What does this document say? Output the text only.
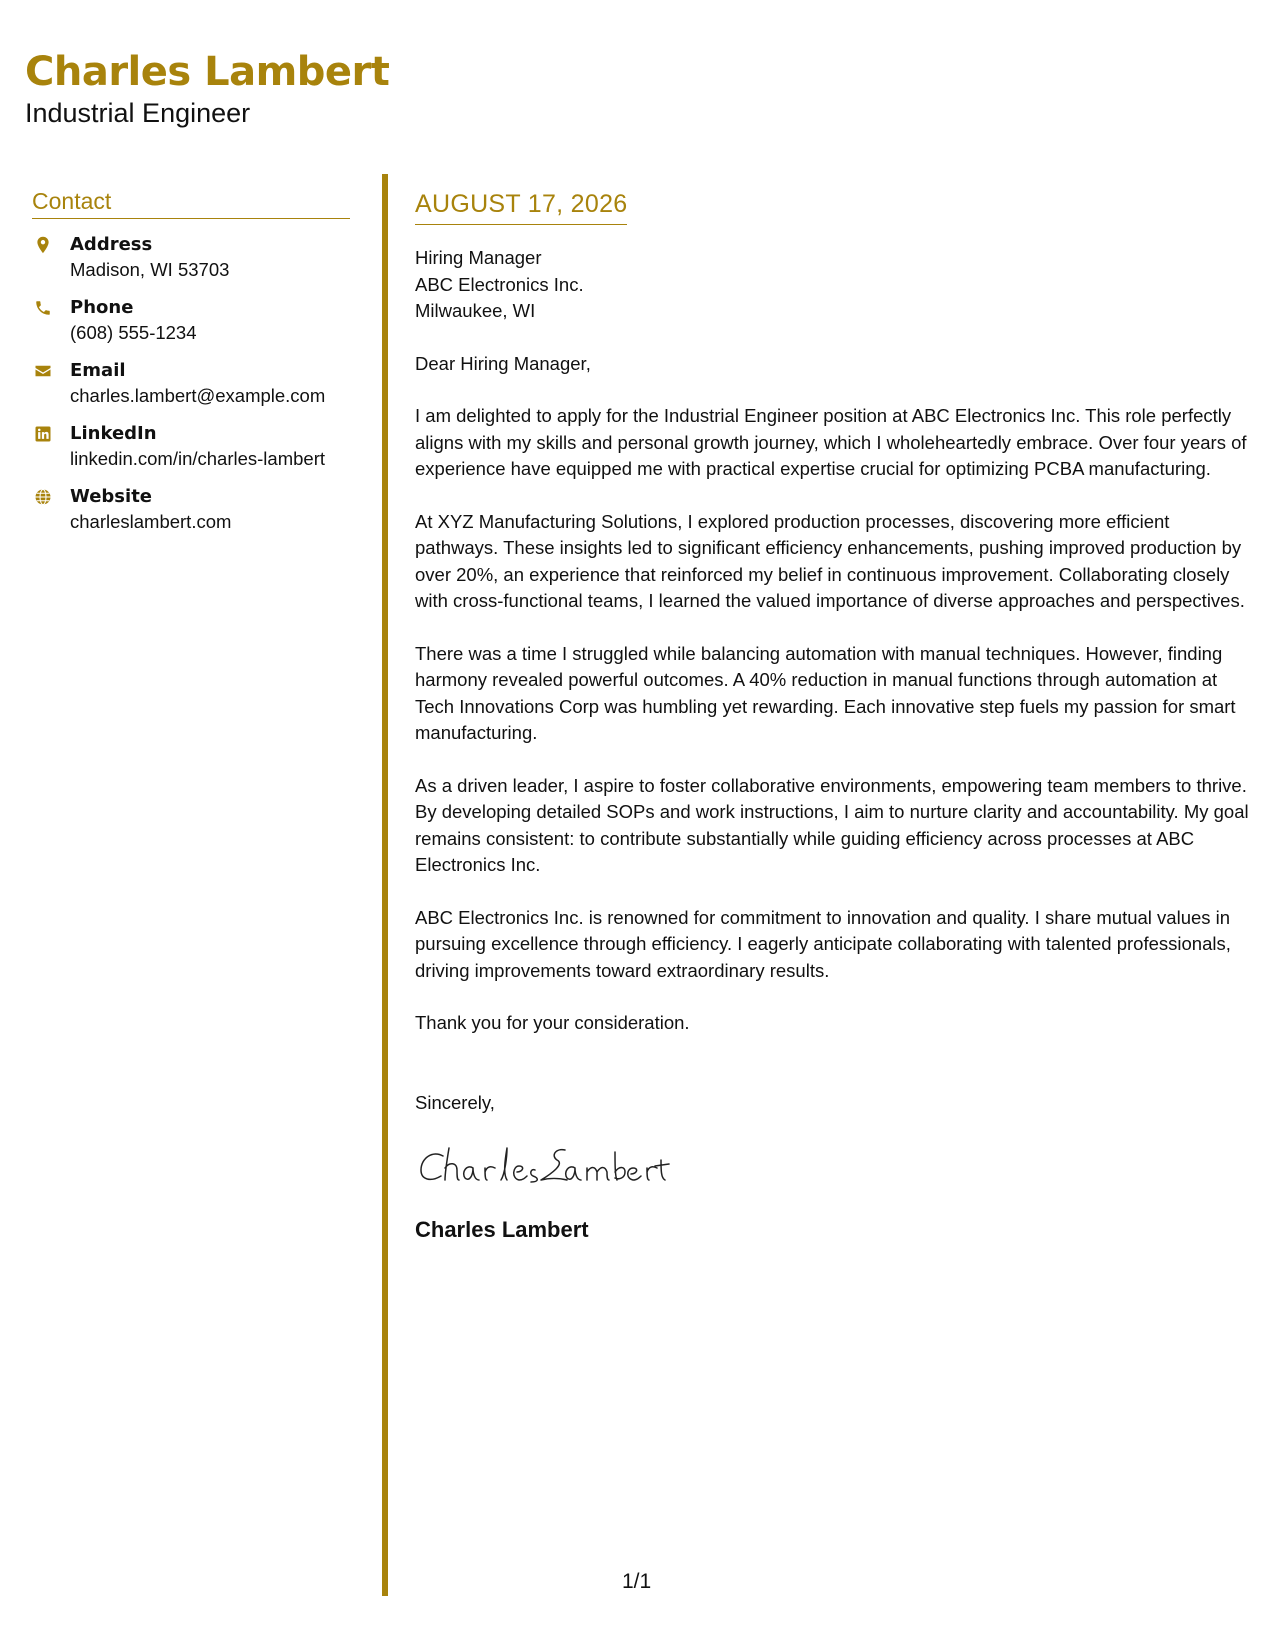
Charles Lambert
Industrial Engineer
Contact
Address
Madison, WI 53703
Phone
(608) 555-1234
Email
charles.lambert@example.com
LinkedIn
linkedin.com/in/charles-lambert
Website
charleslambert.com
AUGUST 17, 2026
Hiring Manager
ABC Electronics Inc.
Milwaukee, WI
Dear Hiring Manager,
I am delighted to apply for the Industrial Engineer position at ABC Electronics Inc. This role perfectly aligns with my skills and personal growth journey, which I wholeheartedly embrace. Over four years of experience have equipped me with practical expertise crucial for optimizing PCBA manufacturing.
At XYZ Manufacturing Solutions, I explored production processes, discovering more efficient pathways. These insights led to significant efficiency enhancements, pushing improved production by over 20%, an experience that reinforced my belief in continuous improvement. Collaborating closely with cross-functional teams, I learned the valued importance of diverse approaches and perspectives.
There was a time I struggled while balancing automation with manual techniques. However, finding harmony revealed powerful outcomes. A 40% reduction in manual functions through automation at Tech Innovations Corp was humbling yet rewarding. Each innovative step fuels my passion for smart manufacturing.
As a driven leader, I aspire to foster collaborative environments, empowering team members to thrive. By developing detailed SOPs and work instructions, I aim to nurture clarity and accountability. My goal remains consistent: to contribute substantially while guiding efficiency across processes at ABC Electronics Inc.
ABC Electronics Inc. is renowned for commitment to innovation and quality. I share mutual values in pursuing excellence through efficiency. I eagerly anticipate collaborating with talented professionals, driving improvements toward extraordinary results.
Thank you for your consideration.
Sincerely,
Charles Lambert
1/1
